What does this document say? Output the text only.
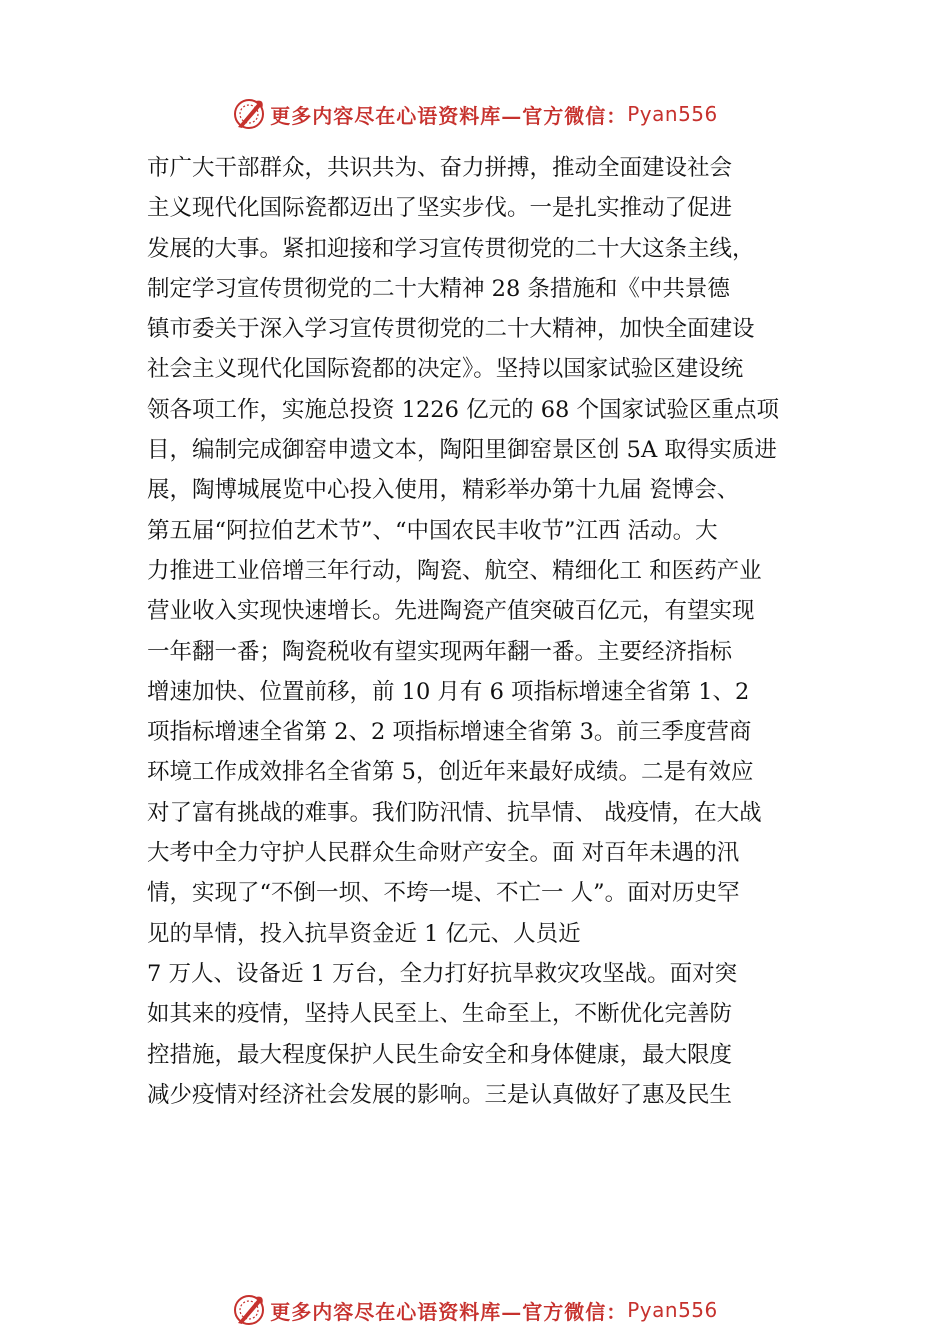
更多内容尽在心语资料库—官方微信： Pyan556
市广大干部群众，共识共为、奋力拼搏，推动全面建设社会
主义现代化国际瓷都迈出了坚实步伐。一是扎实推动了促进
发展的大事。紧扣迎接和学习宣传贯彻党的二十大这条主线，
制定学习宣传贯彻党的二十大精神 28 条措施和《中共景德
镇市委关于深入学习宣传贯彻党的二十大精神，加快全面建设
社会主义现代化国际瓷都的决定》。坚持以国家试验区建设统
领各项工作，实施总投资 1226 亿元的 68 个国家试验区重点项
目，编制完成御窑申遗文本，陶阳里御窑景区创 5A 取得实质进
展，陶博城展览中心投入使用，精彩举办第十九届 瓷博会、
第五届“阿拉伯艺术节”、“中国农民丰收节”江西 活动。大
力推进工业倍增三年行动，陶瓷、航空、精细化工 和医药产业
营业收入实现快速增长。先进陶瓷产值突破百亿元，有望实现
一年翻一番；陶瓷税收有望实现两年翻一番。主要经济指标
增速加快、位置前移，前 10 月有 6 项指标增速全省第 1、2
项指标增速全省第 2、2 项指标增速全省第 3。前三季度营商
环境工作成效排名全省第 5，创近年来最好成绩。二是有效应
对了富有挑战的难事。我们防汛情、抗旱情、 战疫情，在大战
大考中全力守护人民群众生命财产安全。面 对百年未遇的汛
情，实现了“不倒一坝、不垮一堤、不亡一 人”。面对历史罕
见的旱情，投入抗旱资金近 1 亿元、人员近
7 万人、设备近 1 万台，全力打好抗旱救灾攻坚战。面对突
如其来的疫情，坚持人民至上、生命至上，不断优化完善防
控措施，最大程度保护人民生命安全和身体健康，最大限度
减少疫情对经济社会发展的影响。三是认真做好了惠及民生
更多内容尽在心语资料库—官方微信： Pyan556
